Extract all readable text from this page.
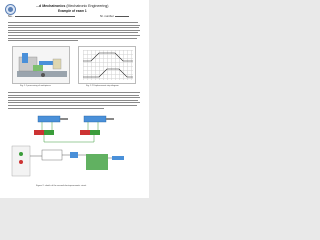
...d Mechatronics (Mechatronic Engineering)
Example of exam 1
Na...	Nr. number
Fig. 1.1 processing of workpieces	Fig. 1.2 Displacement step diagram
Figure 2. sketch of the second electropneumatic circuit
